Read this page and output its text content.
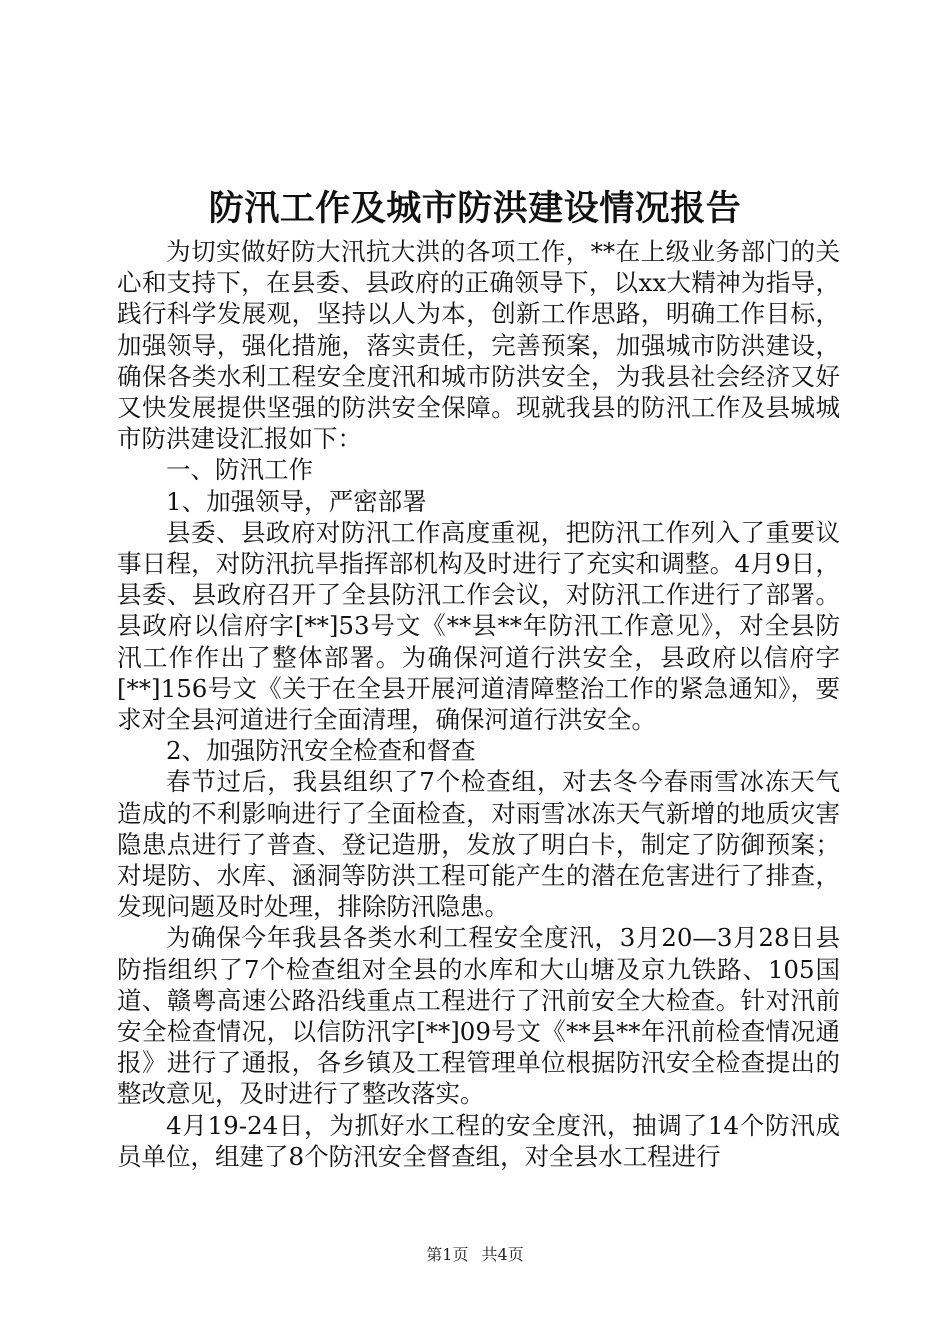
防汛工作及城市防洪建设情况报告

为切实做好防大汛抗大洪的各项工作，**在上级业务部门的关心和支持下，在县委、县政府的正确领导下，以xx大精神为指导，践行科学发展观，坚持以人为本，创新工作思路，明确工作目标，加强领导，强化措施，落实责任，完善预案，加强城市防洪建设，确保各类水利工程安全度汛和城市防洪安全，为我县社会经济又好又快发展提供坚强的防洪安全保障。现就我县的防汛工作及县城城市防洪建设汇报如下：

一、防汛工作

1、加强领导，严密部署

县委、县政府对防汛工作高度重视，把防汛工作列入了重要议事日程，对防汛抗旱指挥部机构及时进行了充实和调整。4月9日，县委、县政府召开了全县防汛工作会议，对防汛工作进行了部署。县政府以信府字[**]53号文《**县**年防汛工作意见》，对全县防汛工作作出了整体部署。为确保河道行洪安全，县政府以信府字[**]156号文《关于在全县开展河道清障整治工作的紧急通知》，要求对全县河道进行全面清理，确保河道行洪安全。

2、加强防汛安全检查和督查

春节过后，我县组织了7个检查组，对去冬今春雨雪冰冻天气造成的不利影响进行了全面检查，对雨雪冰冻天气新增的地质灾害隐患点进行了普查、登记造册，发放了明白卡，制定了防御预案；对堤防、水库、涵洞等防洪工程可能产生的潜在危害进行了排查，发现问题及时处理，排除防汛隐患。

为确保今年我县各类水利工程安全度汛，3月20—3月28日县防指组织了7个检查组对全县的水库和大山塘及京九铁路、105国道、赣粤高速公路沿线重点工程进行了汛前安全大检查。针对汛前安全检查情况，以信防汛字[**]09号文《**县**年汛前检查情况通报》进行了通报，各乡镇及工程管理单位根据防汛安全检查提出的整改意见，及时进行了整改落实。

4月19-24日，为抓好水工程的安全度汛，抽调了14个防汛成员单位，组建了8个防汛安全督查组，对全县水工程进行

第1页 共4页
